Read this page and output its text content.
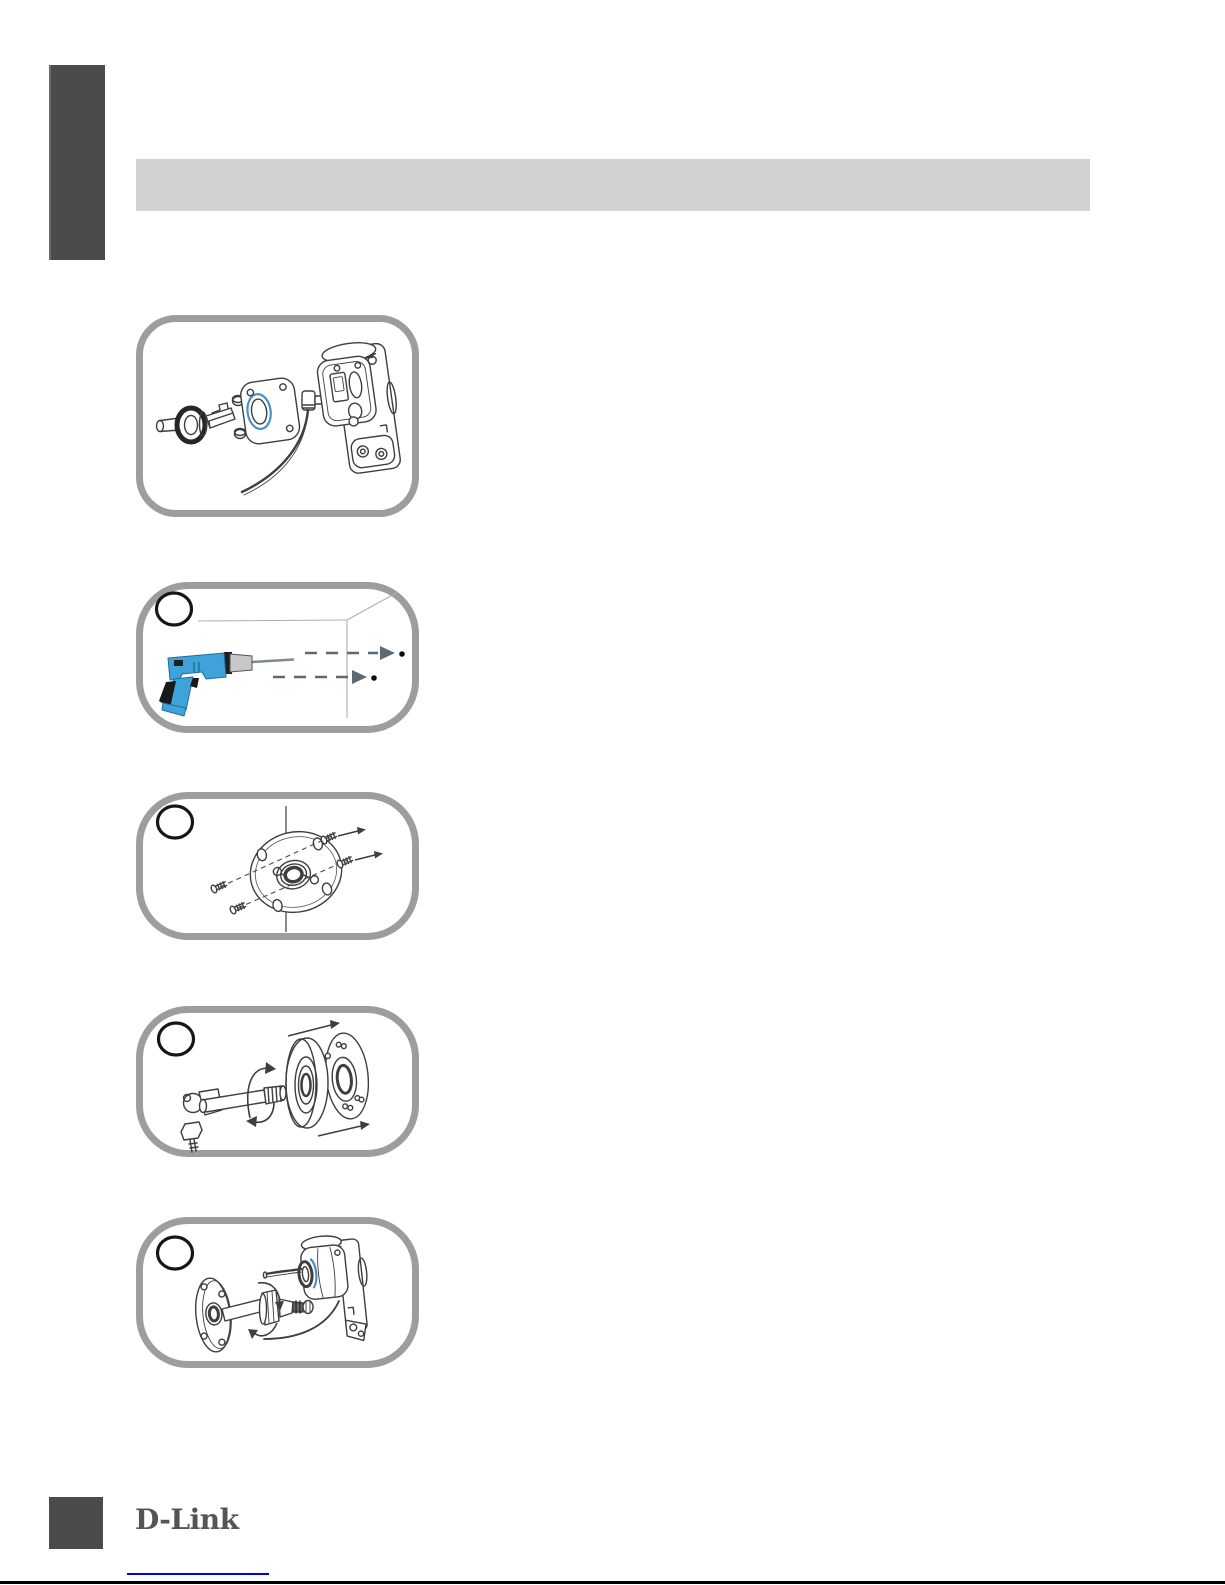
D-Link
